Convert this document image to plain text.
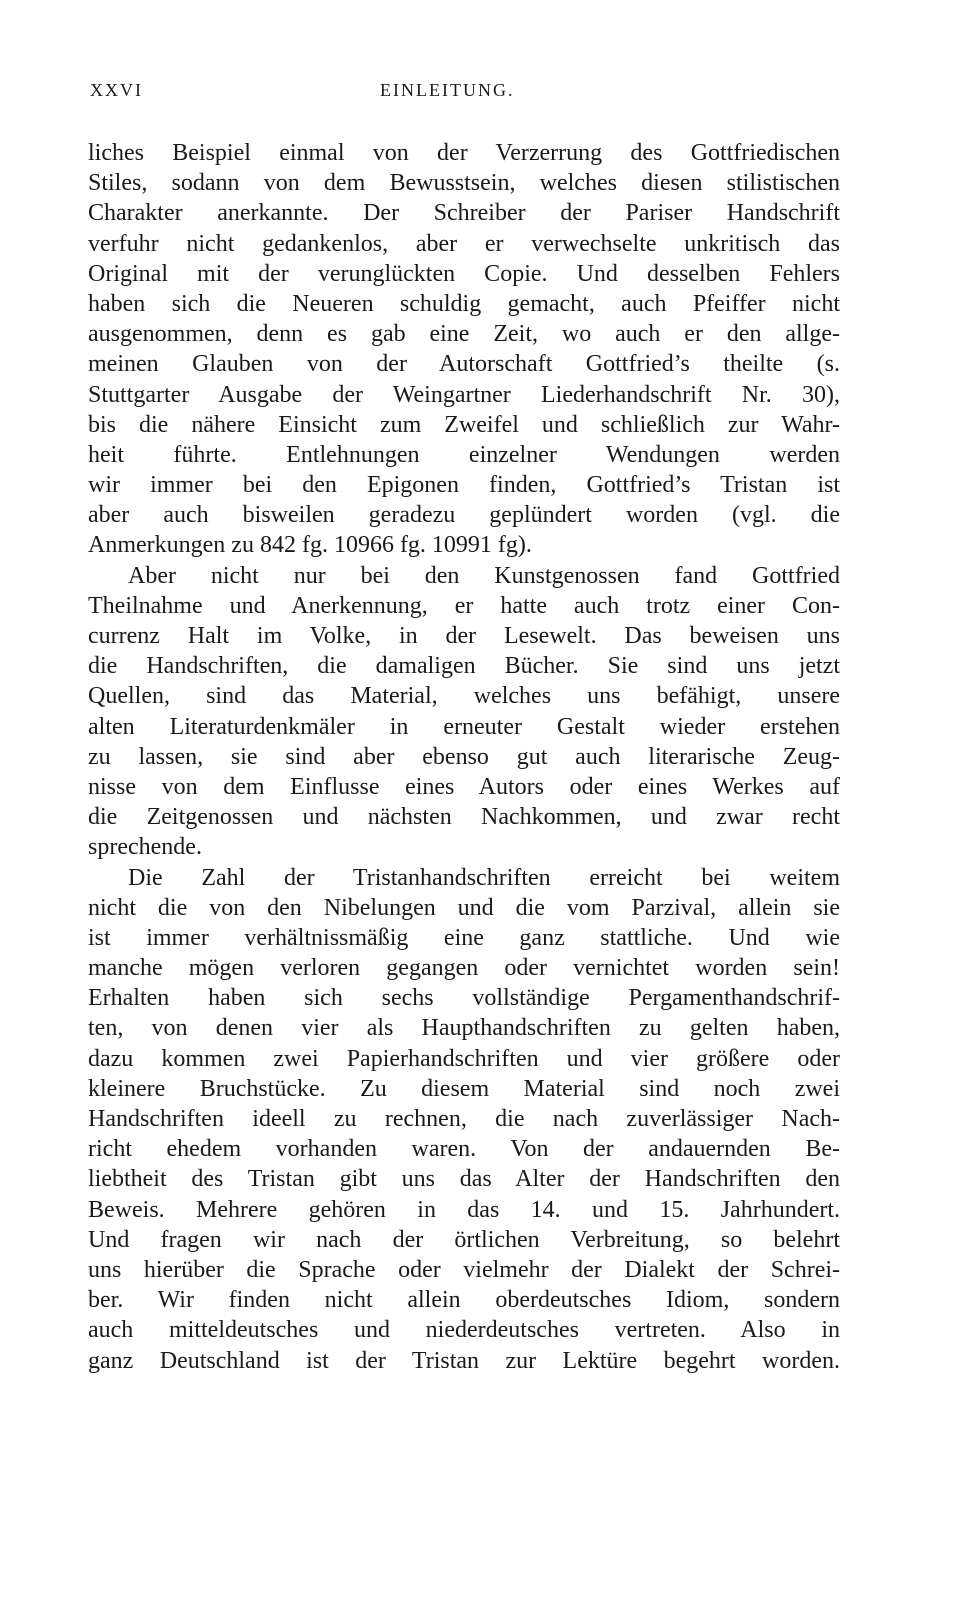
XXVI	EINLEITUNG.
liches Beispiel einmal von der Verzerrung des Gottfriedischen
Stiles, sodann von dem Bewusstsein, welches diesen stilistischen
Charakter anerkannte. Der Schreiber der Pariser Handschrift
verfuhr nicht gedankenlos, aber er verwechselte unkritisch das
Original mit der verunglückten Copie. Und desselben Fehlers
haben sich die Neueren schuldig gemacht, auch Pfeiffer nicht
ausgenommen, denn es gab eine Zeit, wo auch er den allge-
meinen Glauben von der Autorschaft Gottfried’s theilte (s.
Stuttgarter Ausgabe der Weingartner Liederhandschrift Nr. 30),
bis die nähere Einsicht zum Zweifel und schließlich zur Wahr-
heit führte. Entlehnungen einzelner Wendungen werden
wir immer bei den Epigonen finden, Gottfried’s Tristan ist
aber auch bisweilen geradezu geplündert worden (vgl. die
Anmerkungen zu 842 fg. 10966 fg. 10991 fg).
Aber nicht nur bei den Kunstgenossen fand Gottfried
Theilnahme und Anerkennung, er hatte auch trotz einer Con-
currenz Halt im Volke, in der Lesewelt. Das beweisen uns
die Handschriften, die damaligen Bücher. Sie sind uns jetzt
Quellen, sind das Material, welches uns befähigt, unsere
alten Literaturdenkmäler in erneuter Gestalt wieder erstehen
zu lassen, sie sind aber ebenso gut auch literarische Zeug-
nisse von dem Einflusse eines Autors oder eines Werkes auf
die Zeitgenossen und nächsten Nachkommen, und zwar recht
sprechende.
Die Zahl der Tristanhandschriften erreicht bei weitem
nicht die von den Nibelungen und die vom Parzival, allein sie
ist immer verhältnissmäßig eine ganz stattliche. Und wie
manche mögen verloren gegangen oder vernichtet worden sein!
Erhalten haben sich sechs vollständige Pergamenthandschrif-
ten, von denen vier als Haupthandschriften zu gelten haben,
dazu kommen zwei Papierhandschriften und vier größere oder
kleinere Bruchstücke. Zu diesem Material sind noch zwei
Handschriften ideell zu rechnen, die nach zuverlässiger Nach-
richt ehedem vorhanden waren. Von der andauernden Be-
liebtheit des Tristan gibt uns das Alter der Handschriften den
Beweis. Mehrere gehören in das 14. und 15. Jahrhundert.
Und fragen wir nach der örtlichen Verbreitung, so belehrt
uns hierüber die Sprache oder vielmehr der Dialekt der Schrei-
ber. Wir finden nicht allein oberdeutsches Idiom, sondern
auch mitteldeutsches und niederdeutsches vertreten. Also in
ganz Deutschland ist der Tristan zur Lektüre begehrt worden.
